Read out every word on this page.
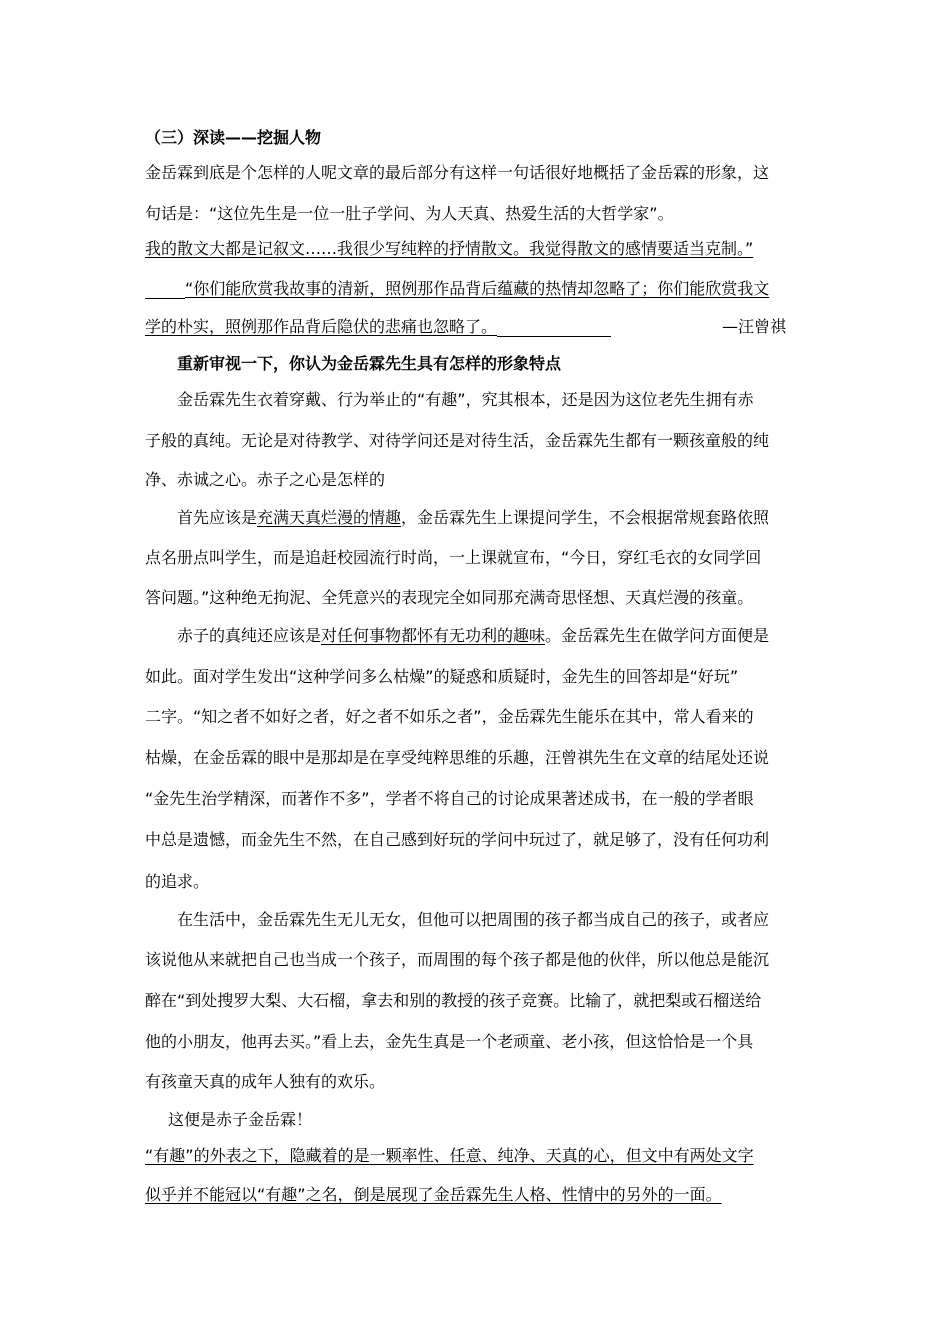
（三）深读——挖掘人物
金岳霖到底是个怎样的人呢文章的最后部分有这样一句话很好地概括了金岳霖的形象，这
句话是：“这位先生是一位一肚子学问、为人天真、热爱生活的大哲学家”。
我的散文大都是记叙文……我很少写纯粹的抒情散文。我觉得散文的感情要适当克制。”
“你们能欣赏我故事的清新，照例那作品背后蕴藏的热情却忽略了；你们能欣赏我文
学的朴实，照例那作品背后隐伏的悲痛也忽略了。	—汪曾祺
重新审视一下，你认为金岳霖先生具有怎样的形象特点
金岳霖先生衣着穿戴、行为举止的“有趣”，究其根本，还是因为这位老先生拥有赤
子般的真纯。无论是对待教学、对待学问还是对待生活，金岳霖先生都有一颗孩童般的纯
净、赤诚之心。赤子之心是怎样的
首先应该是充满天真烂漫的情趣，金岳霖先生上课提问学生，不会根据常规套路依照
点名册点叫学生，而是追赶校园流行时尚，一上课就宣布，“今日，穿红毛衣的女同学回
答问题。”这种绝无拘泥、全凭意兴的表现完全如同那充满奇思怪想、天真烂漫的孩童。
赤子的真纯还应该是对任何事物都怀有无功利的趣味。金岳霖先生在做学问方面便是
如此。面对学生发出“这种学问多么枯燥”的疑惑和质疑时，金先生的回答却是“好玩”
二字。“知之者不如好之者，好之者不如乐之者”，金岳霖先生能乐在其中，常人看来的
枯燥，在金岳霖的眼中是那却是在享受纯粹思维的乐趣，汪曾祺先生在文章的结尾处还说
“金先生治学精深，而著作不多”，学者不将自己的讨论成果著述成书，在一般的学者眼
中总是遗憾，而金先生不然，在自己感到好玩的学问中玩过了，就足够了，没有任何功利
的追求。
在生活中，金岳霖先生无儿无女，但他可以把周围的孩子都当成自己的孩子，或者应
该说他从来就把自己也当成一个孩子，而周围的每个孩子都是他的伙伴，所以他总是能沉
醉在“到处搜罗大梨、大石榴，拿去和别的教授的孩子竞赛。比输了，就把梨或石榴送给
他的小朋友，他再去买。”看上去，金先生真是一个老顽童、老小孩，但这恰恰是一个具
有孩童天真的成年人独有的欢乐。
这便是赤子金岳霖！
“有趣”的外表之下，隐藏着的是一颗率性、任意、纯净、天真的心，但文中有两处文字
似乎并不能冠以“有趣”之名，倒是展现了金岳霖先生人格、性情中的另外的一面。
